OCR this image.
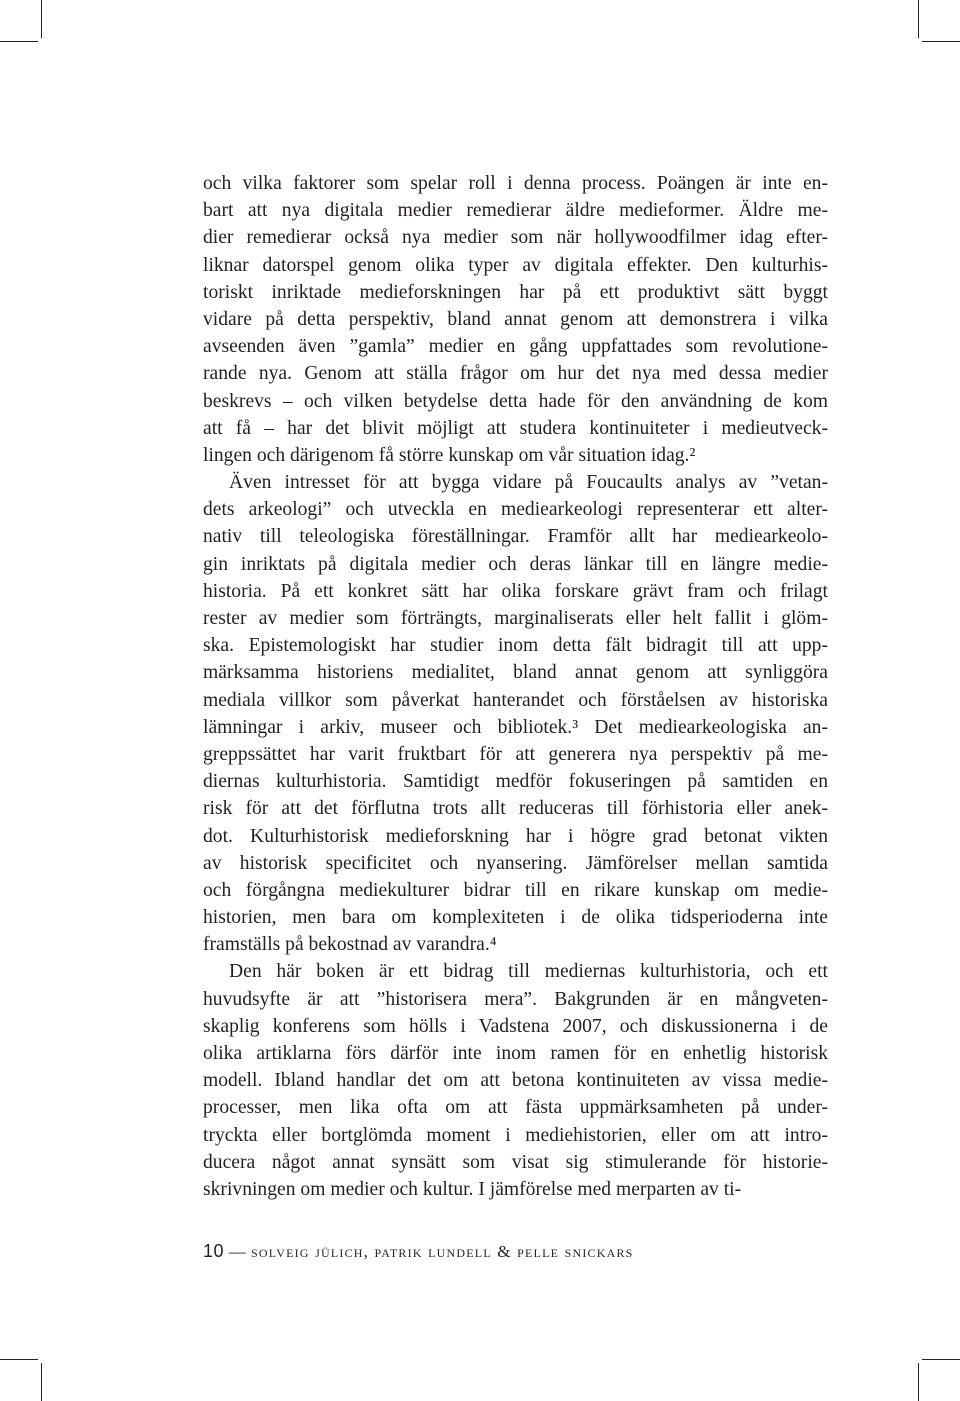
och vilka faktorer som spelar roll i denna process. Poängen är inte en-
bart att nya digitala medier remedierar äldre medieformer. Äldre me-
dier remedierar också nya medier som när hollywoodfilmer idag efter-
liknar datorspel genom olika typer av digitala effekter. Den kulturhis-
toriskt inriktade medieforskningen har på ett produktivt sätt byggt
vidare på detta perspektiv, bland annat genom att demonstrera i vilka
avseenden även ”gamla” medier en gång uppfattades som revolutione-
rande nya. Genom att ställa frågor om hur det nya med dessa medier
beskrevs – och vilken betydelse detta hade för den användning de kom
att få – har det blivit möjligt att studera kontinuiteter i medieutveck-
lingen och därigenom få större kunskap om vår situation idag.²
Även intresset för att bygga vidare på Foucaults analys av ”vetan-
dets arkeologi” och utveckla en mediearkeologi representerar ett alter-
nativ till teleologiska föreställningar. Framför allt har mediearkeolo-
gin inriktats på digitala medier och deras länkar till en längre medie-
historia. På ett konkret sätt har olika forskare grävt fram och frilagt
rester av medier som förträngts, marginaliserats eller helt fallit i glöm-
ska. Epistemologiskt har studier inom detta fält bidragit till att upp-
märksamma historiens medialitet, bland annat genom att synliggöra
mediala villkor som påverkat hanterandet och förståelsen av historiska
lämningar i arkiv, museer och bibliotek.³ Det mediearkeologiska an-
greppssättet har varit fruktbart för att generera nya perspektiv på me-
diernas kulturhistoria. Samtidigt medför fokuseringen på samtiden en
risk för att det förflutna trots allt reduceras till förhistoria eller anek-
dot. Kulturhistorisk medieforskning har i högre grad betonat vikten
av historisk specificitet och nyansering. Jämförelser mellan samtida
och förgångna mediekulturer bidrar till en rikare kunskap om medie-
historien, men bara om komplexiteten i de olika tidsperioderna inte
framställs på bekostnad av varandra.⁴
Den här boken är ett bidrag till mediernas kulturhistoria, och ett
huvudsyfte är att ”historisera mera”. Bakgrunden är en mångveten-
skaplig konferens som hölls i Vadstena 2007, och diskussionerna i de
olika artiklarna förs därför inte inom ramen för en enhetlig historisk
modell. Ibland handlar det om att betona kontinuiteten av vissa medie-
processer, men lika ofta om att fästa uppmärksamheten på under-
tryckta eller bortglömda moment i mediehistorien, eller om att intro-
ducera något annat synsätt som visat sig stimulerande för historie-
skrivningen om medier och kultur. I jämförelse med merparten av ti-
10 — solveig jülich, patrik lundell & pelle snickars
